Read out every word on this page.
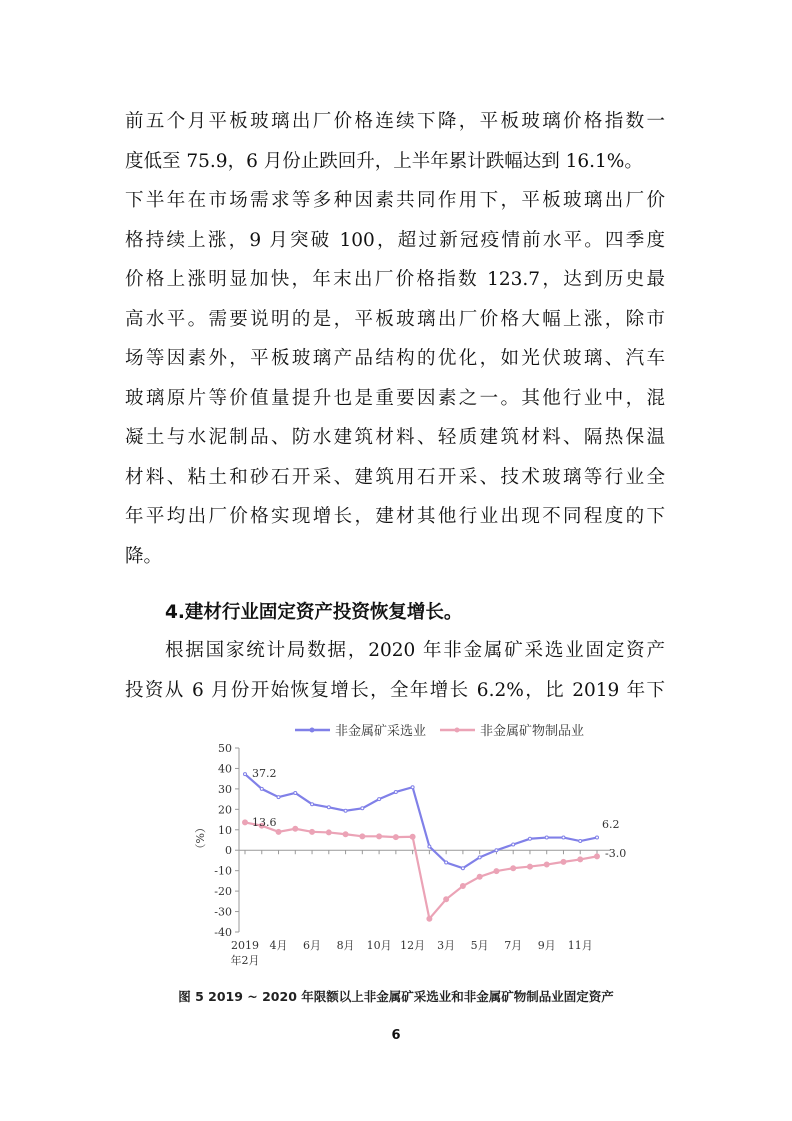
前五个月平板玻璃出厂价格连续下降，平板玻璃价格指数一
度低至 75.9，6 月份止跌回升，上半年累计跌幅达到 16.1%。
下半年在市场需求等多种因素共同作用下，平板玻璃出厂价
格持续上涨，9 月突破 100，超过新冠疫情前水平。四季度
价格上涨明显加快，年末出厂价格指数 123.7，达到历史最
高水平。需要说明的是，平板玻璃出厂价格大幅上涨，除市
场等因素外，平板玻璃产品结构的优化，如光伏玻璃、汽车
玻璃原片等价值量提升也是重要因素之一。其他行业中，混
凝土与水泥制品、防水建筑材料、轻质建筑材料、隔热保温
材料、粘土和砂石开采、建筑用石开采、技术玻璃等行业全
年平均出厂价格实现增长，建材其他行业出现不同程度的下
降。
4.建材行业固定资产投资恢复增长。
根据国家统计局数据，2020 年非金属矿采选业固定资产
投资从 6 月份开始恢复增长，全年增长 6.2%，比 2019 年下
非金属矿采选业	非金属矿物制品业
50
40
30
20
10
0
-10
-20
-30
-40
（%）
2019
年2月
4月 6月 8月 10月 12月 3月 5月 7月 9月 11月
37.2
13.6	6.2
-3.0
图 5 2019 ~ 2020 年限额以上非金属矿采选业和非金属矿物制品业固定资产
6
